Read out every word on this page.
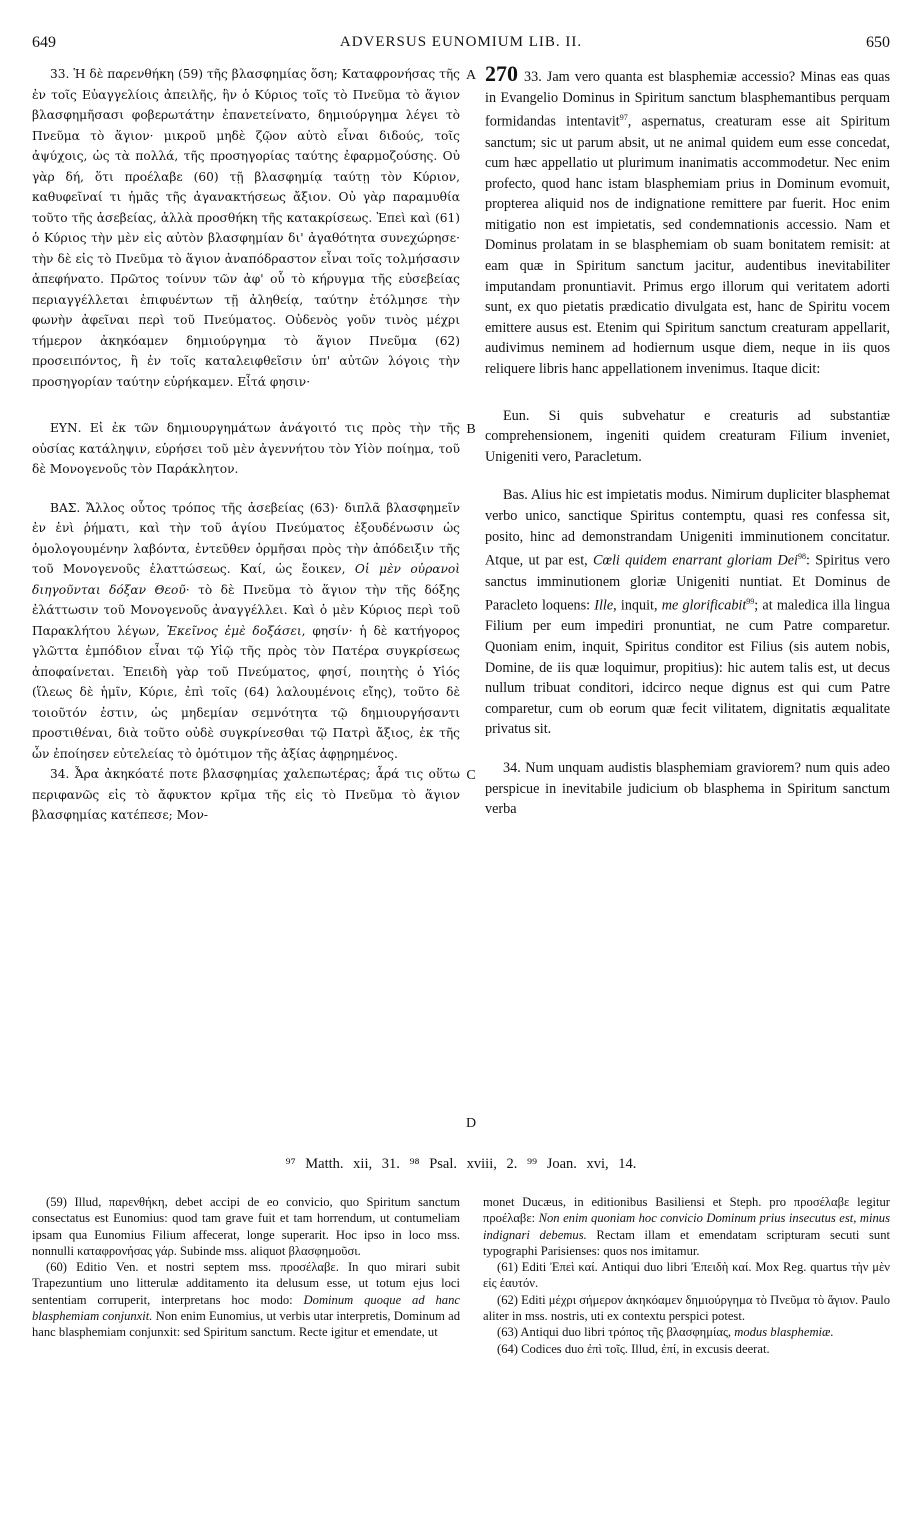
649	ADVERSUS EUNOMIUM LIB. II.	650

33. Ἡ δὲ παρενθήκη (59) τῆς βλασφημίας ὅση; Καταφρονήσας τῆς ἐν τοῖς Εὐαγγελίοις ἀπειλῆς, ἣν ὁ Κύριος τοῖς τὸ Πνεῦμα τὸ ἅγιον βλασφημῆσασι φοβερωτάτην ἐπανετείνατο, δημιούργημα λέγει τὸ Πνεῦμα τὸ ἅγιον· μικροῦ μηδὲ ζῷον αὐτὸ εἶναι διδούς, τοῖς ἀψύχοις, ὡς τὰ πολλά, τῆς προσηγορίας ταύτης ἐφαρμοζούσης. Οὐ γὰρ δή, ὅτι προέλαβε (60) τῇ βλασφημίᾳ ταύτῃ τὸν Κύριον, καθυφεῖναί τι ἡμᾶς τῆς ἀγανακτήσεως ἄξιον. Οὐ γὰρ παραμυθία τοῦτο τῆς ἀσεβείας, ἀλλὰ προσθήκη τῆς κατακρίσεως. Ἐπεὶ καὶ (61) ὁ Κύριος τὴν μὲν εἰς αὐτὸν βλασφημίαν δι' ἀγαθότητα συνεχώρησε· τὴν δὲ εἰς τὸ Πνεῦμα τὸ ἅγιον ἀναπόδραστον εἶναι τοῖς τολμήσασιν ἀπεφήνατο. Πρῶτος τοίνυν τῶν ἀφ' οὗ τὸ κήρυγμα τῆς εὐσεβείας περιαγγέλλεται ἐπιφυέντων τῇ ἀληθείᾳ, ταύτην ἐτόλμησε τὴν φωνὴν ἀφεῖναι περὶ τοῦ Πνεύματος. Οὐδενὸς γοῦν τινὸς μέχρι τήμερον ἀκηκόαμεν δημιούργημα τὸ ἅγιον Πνεῦμα (62) προσειπόντος, ἢ ἐν τοῖς καταλειφθεῖσιν ὑπ' αὐτῶν λόγοις τὴν προσηγορίαν ταύτην εὑρήκαμεν. Εἶτά φησιν·

ΕΥΝ. Εἰ ἐκ τῶν δημιουργημάτων ἀνάγοιτό τις πρὸς τὴν τῆς οὐσίας κατάληψιν, εὑρήσει τοῦ μὲν ἀγεννήτου τὸν Υἱὸν ποίημα, τοῦ δὲ Μονογενοῦς τὸν Παράκλητον.

ΒΑΣ. Ἄλλος οὗτος τρόπος τῆς ἀσεβείας (63)· διπλᾶ βλασφημεῖν ἐν ἑνὶ ῥήματι, καὶ τὴν τοῦ ἁγίου Πνεύματος ἐξουδένωσιν ὡς ὁμολογουμένην λαβόντα, ἐντεῦθεν ὁρμῆσαι πρὸς τὴν ἀπόδειξιν τῆς τοῦ Μονογενοῦς ἐλαττώσεως. Καί, ὡς ἔοικεν, Οἱ μὲν οὐρανοὶ διηγοῦνται δόξαν Θεοῦ· τὸ δὲ Πνεῦμα τὸ ἅγιον τὴν τῆς δόξης ἐλάττωσιν τοῦ Μονογενοῦς ἀναγγέλλει. Καὶ ὁ μὲν Κύριος περὶ τοῦ Παρακλήτου λέγων, Ἐκεῖνος ἐμὲ δοξάσει, φησίν· ἡ δὲ κατήγορος γλῶττα ἐμπόδιον εἶναι τῷ Υἱῷ τῆς πρὸς τὸν Πατέρα συγκρίσεως ἀποφαίνεται. Ἐπειδὴ γὰρ τοῦ Πνεύματος, φησί, ποιητὴς ὁ Υἱός (ἵλεως δὲ ἡμῖν, Κύριε, ἐπὶ τοῖς (64) λαλουμένοις εἴης), τοῦτο δὲ τοιοῦτόν ἐστιν, ὡς μηδεμίαν σεμνότητα τῷ δημιουργήσαντι προστιθέναι, διὰ τοῦτο οὐδὲ συγκρίνεσθαι τῷ Πατρὶ ἄξιος, ἐκ τῆς ὧν ἐποίησεν εὐτελείας τὸ ὁμότιμον τῆς ἀξίας ἀφῃρημένος.

34. Ἆρα ἀκηκόατέ ποτε βλασφημίας χαλεπωτέρας; ἆρά τις οὕτω περιφανῶς εἰς τὸ ἄφυκτον κρῖμα τῆς εἰς τὸ Πνεῦμα τὸ ἅγιον βλασφημίας κατέπεσε; Μον-

A
B
C
D

270 33. Jam vero quanta est blasphemiæ accessio? Minas eas quas in Evangelio Dominus in Spiritum sanctum blasphemantibus perquam formidandas intentavit$^{97}$, aspernatus, creaturam esse ait Spiritum sanctum; sic ut parum absit, ut ne animal quidem eum esse concedat, cum hæc appellatio ut plurimum inanimatis accommodetur. Nec enim profecto, quod hanc istam blasphemiam prius in Dominum evomuit, propterea aliquid nos de indignatione remittere par fuerit. Hoc enim mitigatio non est impietatis, sed condemnationis accessio. Nam et Dominus prolatam in se blasphemiam ob suam bonitatem remisit: at eam quæ in Spiritum sanctum jacitur, audentibus inevitabiliter imputandam pronuntiavit. Primus ergo illorum qui veritatem adorti sunt, ex quo pietatis prædicatio divulgata est, hanc de Spiritu vocem emittere ausus est. Etenim qui Spiritum sanctum creaturam appellarit, audivimus neminem ad hodiernum usque diem, neque in iis quos reliquere libris hanc appellationem invenimus. Itaque dicit:

Eun. Si quis subvehatur e creaturis ad substantiæ comprehensionem, ingeniti quidem creaturam Filium inveniet, Unigeniti vero, Paracletum.

Bas. Alius hic est impietatis modus. Nimirum dupliciter blasphemat verbo unico, sanctique Spiritus contemptu, quasi res confessa sit, posito, hinc ad demonstrandam Unigeniti imminutionem concitatur. Atque, ut par est, Cœli quidem enarrant gloriam Dei$^{98}$: Spiritus vero sanctus imminutionem gloriæ Unigeniti nuntiat. Et Dominus de Paracleto loquens: Ille, inquit, me glorificabit$^{99}$; at maledica illa lingua Filium per eum impediri pronuntiat, ne cum Patre comparetur. Quoniam enim, inquit, Spiritus conditor est Filius (sis autem nobis, Domine, de iis quæ loquimur, propitius): hic autem talis est, ut decus nullum tribuat conditori, idcirco neque dignus est qui cum Patre comparetur, cum ob eorum quæ fecit vilitatem, dignitatis æqualitate privatus sit.

34. Num unquam audistis blasphemiam graviorem? num quis adeo perspicue in inevitabile judicium ob blasphema in Spiritum sanctum verba

⁹⁷ Matth. xii, 31. ⁹⁸ Psal. xviii, 2. ⁹⁹ Joan. xvi, 14.

(59) Illud, παρενθήκη, debet accipi de eo convicio, quo Spiritum sanctum consectatus est Eunomius: quod tam grave fuit et tam horrendum, ut contumeliam ipsam qua Eunomius Filium affecerat, longe superarit. Hoc ipso in loco mss. nonnulli καταφρονήσας γάρ. Subinde mss. aliquot βλασφημοῦσι.

(60) Editio Ven. et nostri septem mss. προσέλαβε. In quo mirari subit Trapezuntium uno litterulæ additamento ita delusum esse, ut totum ejus loci sententiam corruperit, interpretans hoc modo: Dominum quoque ad hanc blasphemiam conjunxit. Non enim Eunomius, ut verbis utar interpretis, Dominum ad hanc blasphemiam conjunxit: sed Spiritum sanctum. Recte igitur et emendate, ut

monet Ducæus, in editionibus Basiliensi et Steph. pro προσέλαβε legitur προέλαβε: Non enim quoniam hoc convicio Dominum prius insecutus est, minus indignari debemus. Rectam illam et emendatam scripturam secuti sunt typographi Parisienses: quos nos imitamur.

(61) Editi Ἐπεὶ καί. Antiqui duo libri Ἐπειδὴ καί. Mox Reg. quartus τὴν μὲν εἰς ἑαυτόν.

(62) Editi μέχρι σήμερον ἀκηκόαμεν δημιούργημα τὸ Πνεῦμα τὸ ἅγιον. Paulo aliter in mss. nostris, uti ex contextu perspici potest.

(63) Antiqui duo libri τρόπος τῆς βλασφημίας, modus blasphemiæ.

(64) Codices duo ἐπὶ τοῖς. Illud, ἐπί, in excusis deerat.
